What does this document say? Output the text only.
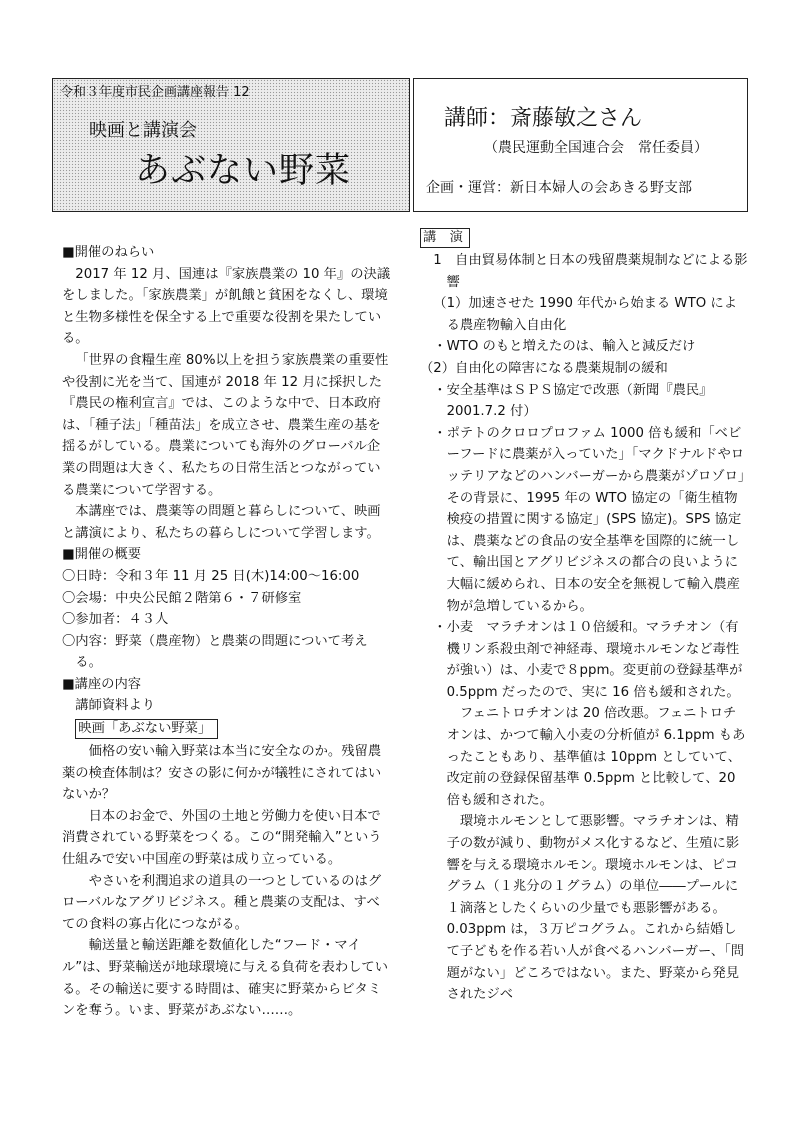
令和３年度市民企画講座報告 12
映画と講演会
あぶない野菜
講師：斎藤敏之さん
（農民運動全国連合会　常任委員）
企画・運営：新日本婦人の会あきる野支部

■開催のねらい

2017 年 12 月、国連は『家族農業の 10 年』の決議をしました。「家族農業」が飢餓と貧困をなくし、環境と生物多様性を保全する上で重要な役割を果たしている。

「世界の食糧生産 80%以上を担う家族農業の重要性や役割に光を当て、国連が 2018 年 12 月に採択した『農民の権利宣言』では、このような中で、日本政府は、「種子法」「種苗法」を成立させ、農業生産の基を揺るがしている。農業についても海外のグローバル企業の問題は大きく、私たちの日常生活とつながっている農業について学習する。

本講座では、農薬等の問題と暮らしについて、映画と講演により、私たちの暮らしについて学習します。

■開催の概要

〇日時：令和３年 11 月 25 日(木)14:00～16:00

〇会場：中央公民館２階第６・７研修室

〇参加者：４３人

〇内容：野菜（農産物）と農薬の問題について考える。

■講座の内容

講師資料より

映画「あぶない野菜」

価格の安い輸入野菜は本当に安全なのか。残留農薬の検査体制は？安さの影に何かが犠牲にされてはいないか？

日本のお金で、外国の土地と労働力を使い日本で消費されている野菜をつくる。この“開発輸入”という仕組みで安い中国産の野菜は成り立っている。

やさいを利潤追求の道具の一つとしているのはグローバルなアグリビジネス。種と農薬の支配は、すべての食料の寡占化につながる。

輸送量と輸送距離を数値化した“フード・マイル”は、野菜輸送が地球環境に与える負荷を表わしている。その輸送に要する時間は、確実に野菜からビタミンを奪う。いま、野菜があぶない……。

講　演

1　自由貿易体制と日本の残留農薬規制などによる影響

（1）加速させた 1990 年代から始まる WTO による農産物輸入自由化

・WTO のもと増えたのは、輸入と減反だけ

（2）自由化の障害になる農薬規制の緩和

・安全基準はＳＰＳ協定で改悪（新聞『農民』2001.7.2 付）

・ポテトのクロロプロファム 1000 倍も緩和「ベビーフードに農薬が入っていた」「マクドナルドやロッテリアなどのハンバーガーから農薬がゾロゾロ」

その背景に、1995 年の WTO 協定の「衛生植物検疫の措置に関する協定」(SPS 協定)。SPS 協定は、農薬などの食品の安全基準を国際的に統一して、輸出国とアグリビジネスの都合の良いように大幅に緩められ、日本の安全を無視して輸入農産物が急増しているから。

・小麦　マラチオンは１０倍緩和。マラチオン（有機リン系殺虫剤で神経毒、環境ホルモンなど毒性が強い）は、小麦で８ppm。変更前の登録基準が 0.5ppm だったので、実に 16 倍も緩和された。

フェニトロチオンは 20 倍改悪。フェニトロチオンは、かつて輸入小麦の分析値が 6.1ppm もあったこともあり、基準値は 10ppm としていて、改定前の登録保留基準 0.5ppm と比較して、20 倍も緩和された。

環境ホルモンとして悪影響。マラチオンは、精子の数が減り、動物がメス化するなど、生殖に影響を与える環境ホルモン。環境ホルモンは、ピコグラム（１兆分の１グラム）の単位――プールに１滴落としたくらいの少量でも悪影響がある。0.03ppm は，３万ピコグラム。これから結婚して子どもを作る若い人が食べるハンバーガー、「問題がない」どころではない。また、野菜から発見されたジベ
